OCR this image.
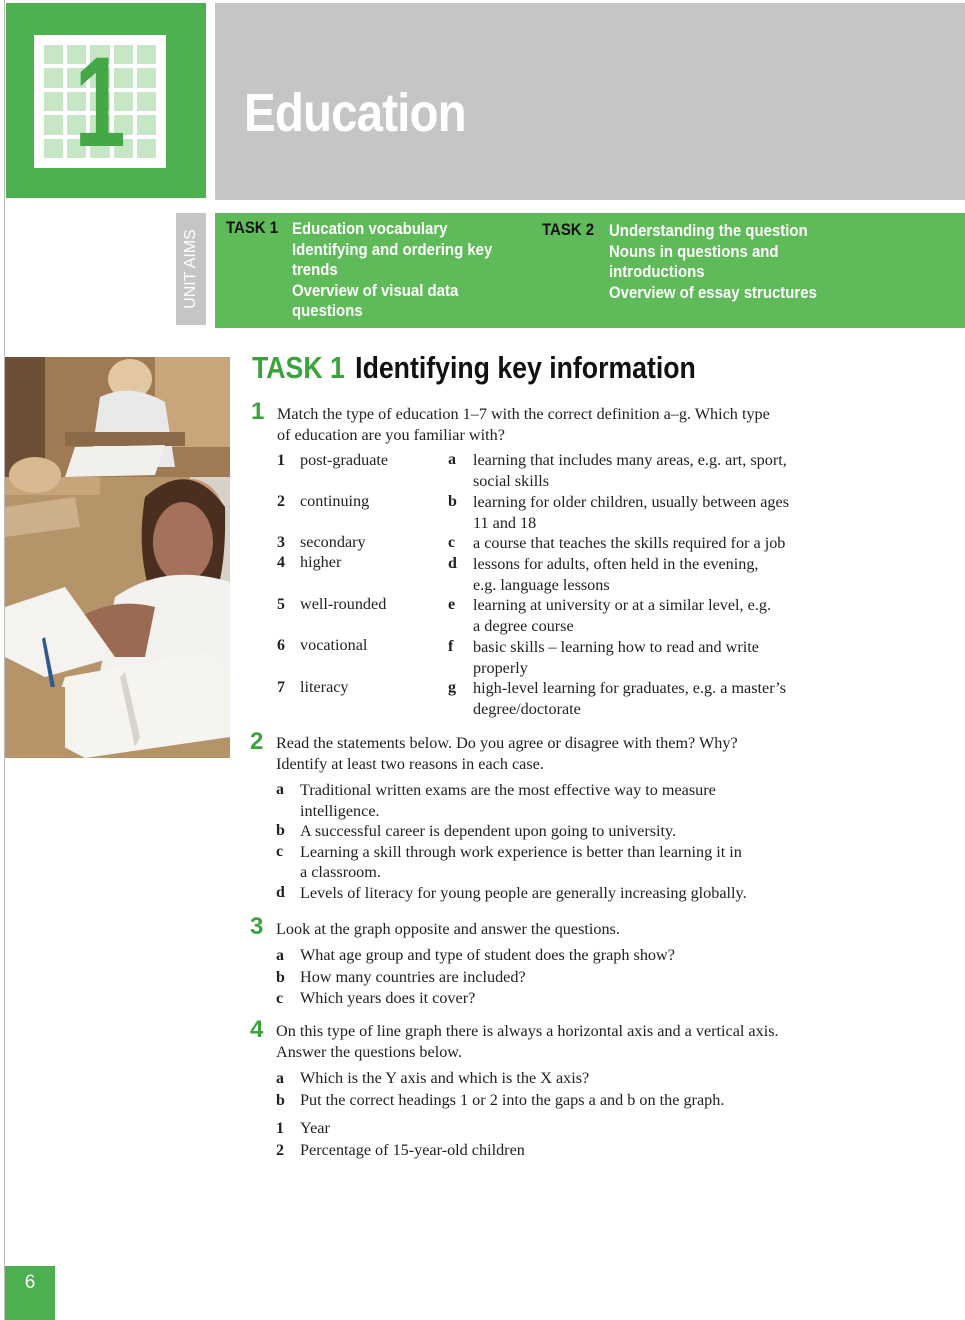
1 Education
UNIT AIMS
TASK 1 Education vocabulary
Identifying and ordering key
trends
Overview of visual data
questions
TASK 2 Understanding the question
Nouns in questions and
introductions
Overview of essay structures
TASK 1 Identifying key information
1 Match the type of education 1–7 with the correct definition a–g. Which type
of education are you familiar with?
1 post-graduate
2 continuing
3 secondary
4 higher
5 well-rounded
6 vocational
7 literacy
a learning that includes many areas, e.g. art, sport,
social skills
b learning for older children, usually between ages
11 and 18
c a course that teaches the skills required for a job
d lessons for adults, often held in the evening,
e.g. language lessons
e learning at university or at a similar level, e.g.
a degree course
f basic skills – learning how to read and write
properly
g high-level learning for graduates, e.g. a master’s
degree/doctorate
2 Read the statements below. Do you agree or disagree with them? Why?
Identify at least two reasons in each case.
a Traditional written exams are the most effective way to measure
intelligence.
b A successful career is dependent upon going to university.
c Learning a skill through work experience is better than learning it in
a classroom.
d Levels of literacy for young people are generally increasing globally.
3 Look at the graph opposite and answer the questions.
a What age group and type of student does the graph show?
b How many countries are included?
c Which years does it cover?
4 On this type of line graph there is always a horizontal axis and a vertical axis.
Answer the questions below.
a Which is the Y axis and which is the X axis?
b Put the correct headings 1 or 2 into the gaps a and b on the graph.
1 Year
2 Percentage of 15-year-old children
6
